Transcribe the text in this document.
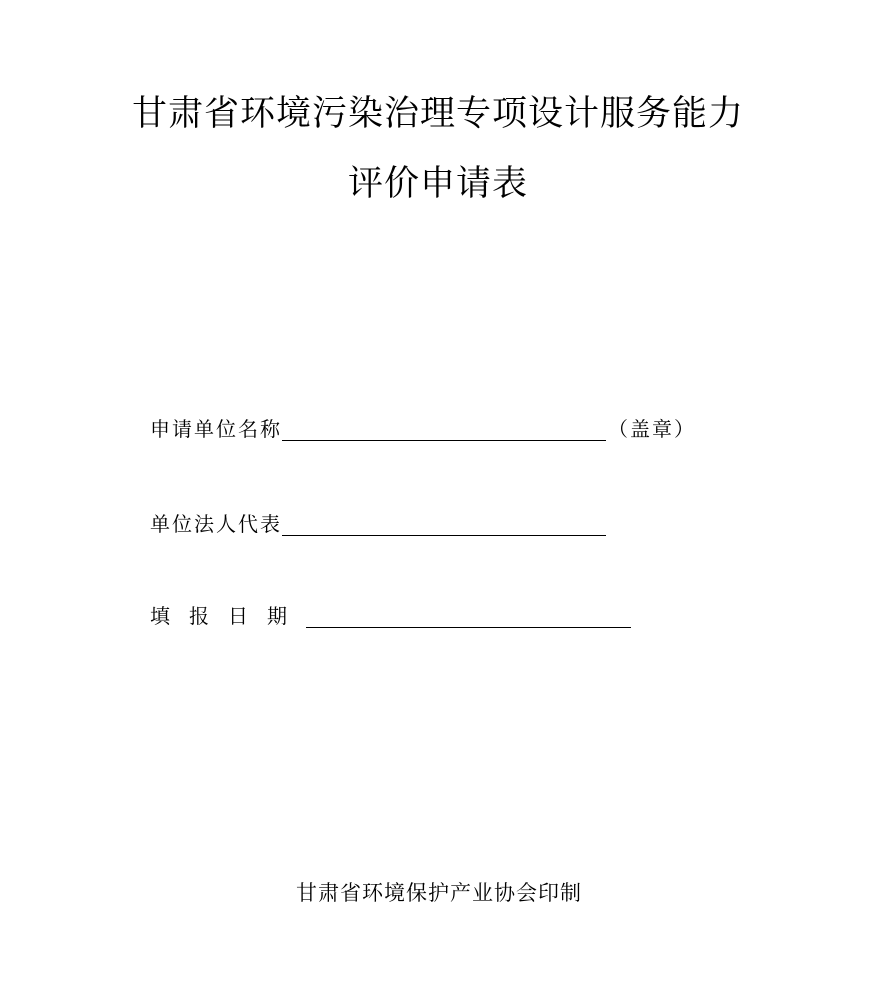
甘肃省环境污染治理专项设计服务能力
评价申请表
申请单位名称	（盖章）
单位法人代表
填报日期
甘肃省环境保护产业协会印制
